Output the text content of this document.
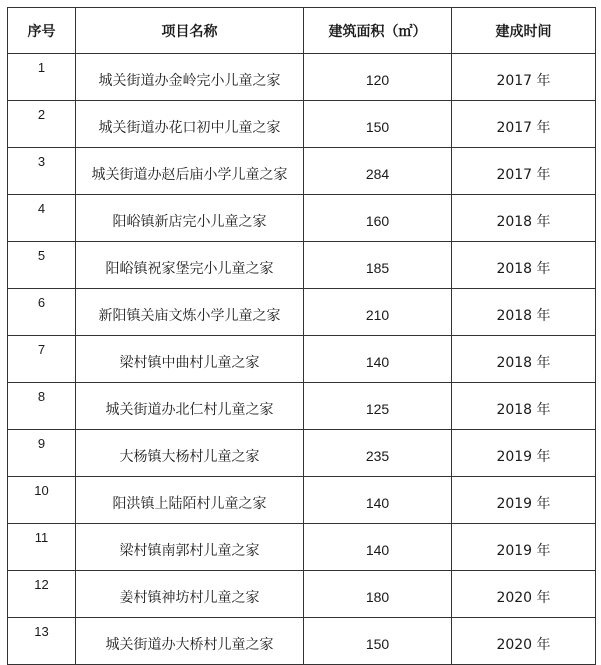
序号	项目名称	建筑面积（㎡）	建成时间
1	城关街道办金岭完小儿童之家	120	2017 年
2	城关街道办花口初中儿童之家	150	2017 年
3	城关街道办赵后庙小学儿童之家	284	2017 年
4	阳峪镇新店完小儿童之家	160	2018 年
5	阳峪镇祝家堡完小儿童之家	185	2018 年
6	新阳镇关庙文炼小学儿童之家	210	2018 年
7	梁村镇中曲村儿童之家	140	2018 年
8	城关街道办北仁村儿童之家	125	2018 年
9	大杨镇大杨村儿童之家	235	2019 年
10	阳洪镇上陆陌村儿童之家	140	2019 年
11	梁村镇南郭村儿童之家	140	2019 年
12	姜村镇神坊村儿童之家	180	2020 年
13	城关街道办大桥村儿童之家	150	2020 年
